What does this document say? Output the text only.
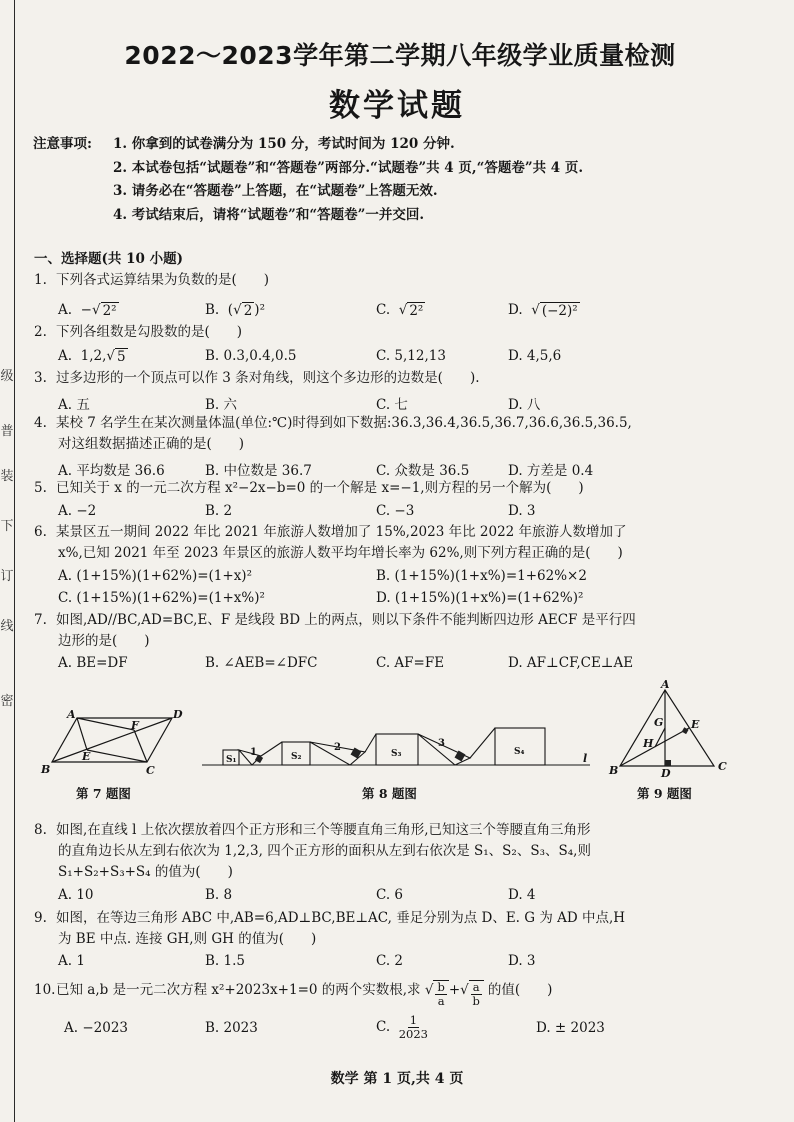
级
普
装
下
订
线
密
2022～2023学年第二学期八年级学业质量检测
数学试题
注意事项:	1. 你拿到的试卷满分为 150 分，考试时间为 120 分钟.
2. 本试卷包括“试题卷”和“答题卷”两部分.“试题卷”共 4 页,“答题卷”共 4 页.
3. 请务必在“答题卷”上答题，在“试题卷”上答题无效.
4. 考试结束后，请将“试题卷”和“答题卷”一并交回.
一、选择题(共 10 小题)
1. 下列各式运算结果为负数的是(　　)
A. −√ 2²	B.  (√ 2 )²	C. √ 2²	D. √ (−2)²
2. 下列各组数是勾股数的是(　　)
A. 1,2,√ 5	B. 0.3,0.4,0.5	C. 5,12,13	D. 4,5,6
3. 过多边形的一个顶点可以作 3 条对角线，则这个多边形的边数是(　　).
A. 五	B. 六	C. 七	D. 八
4. 某校 7 名学生在某次测量体温(单位:℃)时得到如下数据:36.3,36.4,36.5,36.7,36.6,36.5,36.5,
对这组数据描述正确的是(　　)
A. 平均数是 36.6	B. 中位数是 36.7	C. 众数是 36.5	D. 方差是 0.4
5. 已知关于 x 的一元二次方程 x²−2x−b=0 的一个解是 x=−1,则方程的另一个解为(　　)
A. −2	B. 2	C. −3	D. 3
6. 某景区五一期间 2022 年比 2021 年旅游人数增加了 15%,2023 年比 2022 年旅游人数增加了
x%,已知 2021 年至 2023 年景区的旅游人数平均年增长率为 62%,则下列方程正确的是(　　)
A. (1+15%)(1+62%)=(1+x)²	B. (1+15%)(1+x%)=1+62%×2
C. (1+15%)(1+62%)=(1+x%)²	D. (1+15%)(1+x%)=(1+62%)²
7. 如图,AD//BC,AD=BC,E、F 是线段 BD 上的两点，则以下条件不能判断四边形 AECF 是平行四
边形的是(　　)
A. BE=DF	B. ∠AEB=∠DFC	C. AF=FE	D. AF⊥CF,CE⊥AE
A	D
B	C
E
F
S₁	S₂	S₃	S₄
1	2	3
l
A
B	C
D
E
G
H
第 7 题图	第 8 题图	第 9 题图
8. 如图,在直线 l 上依次摆放着四个正方形和三个等腰直角三角形,已知这三个等腰直角三角形
的直角边长从左到右依次为 1,2,3, 四个正方形的面积从左到右依次是 S₁、S₂、S₃、S₄,则
S₁+S₂+S₃+S₄ 的值为(　　)
A. 10	B. 8	C. 6	D. 4
9. 如图，在等边三角形 ABC 中,AB=6,AD⊥BC,BE⊥AC, 垂足分别为点 D、E. G 为 AD 中点,H
为 BE 中点. 连接 GH,则 GH 的值为(　　)
A. 1	B. 1.5	C. 2	D. 3
10.已知 a,b 是一元二次方程 x²+2023x+1=0 的两个实数根,求 √ $\frac{b}{a}$ +√ $\frac{a}{b}$ 的值(　　)
A. −2023	B. 2023	C. $\frac{1}{2023}$	D. ± 2023
数学 第 1 页,共 4 页
